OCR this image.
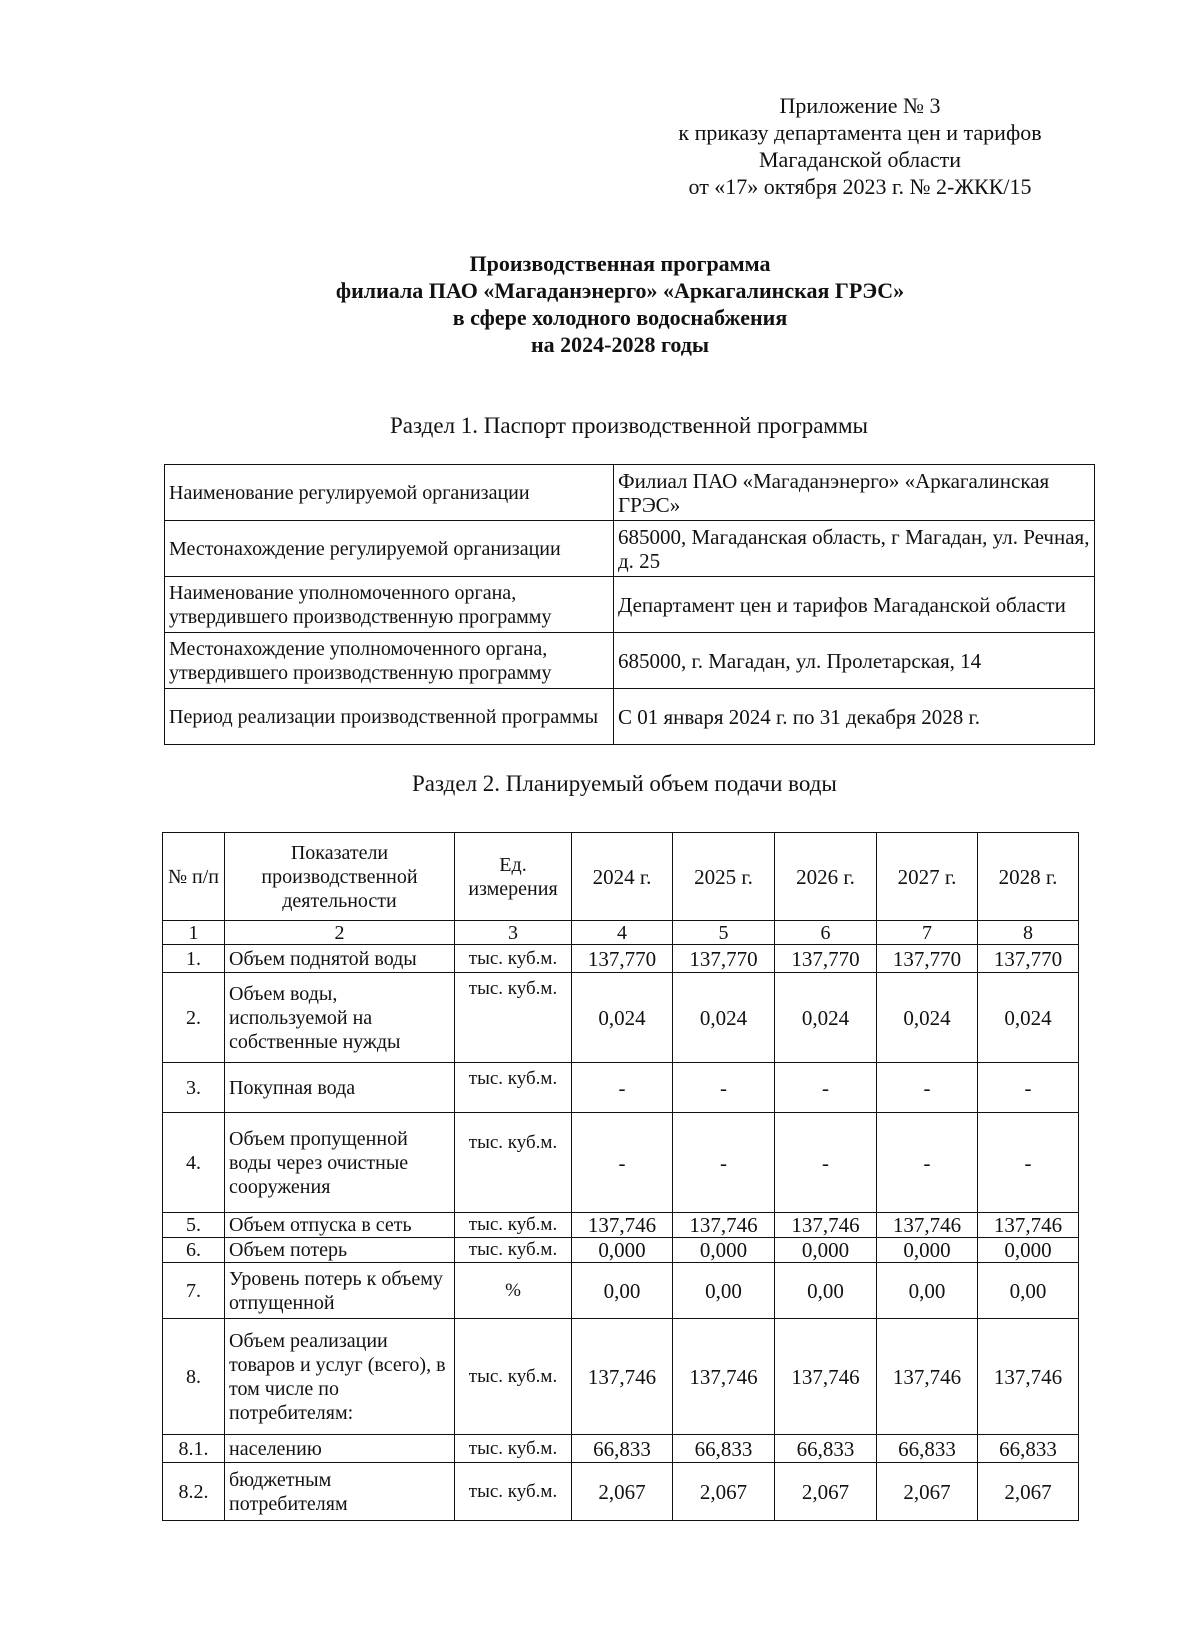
Приложение № 3
к приказу департамента цен и тарифов
Магаданской области
от «17» октября 2023 г. № 2-ЖКК/15
Производственная программа
филиала ПАО «Магаданэнерго» «Аркагалинская ГРЭС»
в сфере холодного водоснабжения
на 2024-2028 годы
Раздел 1. Паспорт производственной программы
Наименование регулируемой организации	Филиал ПАО «Магаданэнерго» «Аркагалинская ГРЭС»
Местонахождение регулируемой организации	685000, Магаданская область, г Магадан, ул. Речная, д. 25
Наименование уполномоченного органа, утвердившего производственную программу	Департамент цен и тарифов Магаданской области
Местонахождение уполномоченного органа, утвердившего производственную программу	685000, г. Магадан, ул. Пролетарская, 14
Период реализации производственной программы	С 01 января 2024 г. по 31 декабря 2028 г.
Раздел 2. Планируемый объем подачи воды
№ п/п	Показатели производственной деятельности	Ед. измерения	2024 г.	2025 г.	2026 г.	2027 г.	2028 г.
1	2	3	4	5	6	7	8
1.	Объем поднятой воды	тыс. куб.м.	137,770	137,770	137,770	137,770	137,770
2.	Объем воды, используемой на собственные нужды	тыс. куб.м.	0,024	0,024	0,024	0,024	0,024
3.	Покупная вода	тыс. куб.м.	-	-	-	-	-
4.	Объем пропущенной воды через очистные сооружения	тыс. куб.м.	-	-	-	-	-
5.	Объем отпуска в сеть	тыс. куб.м.	137,746	137,746	137,746	137,746	137,746
6.	Объем потерь	тыс. куб.м.	0,000	0,000	0,000	0,000	0,000
7.	Уровень потерь к объему отпущенной	%	0,00	0,00	0,00	0,00	0,00
8.	Объем реализации товаров и услуг (всего), в том числе по потребителям:	тыс. куб.м.	137,746	137,746	137,746	137,746	137,746
8.1.	населению	тыс. куб.м.	66,833	66,833	66,833	66,833	66,833
8.2.	бюджетным потребителям	тыс. куб.м.	2,067	2,067	2,067	2,067	2,067
